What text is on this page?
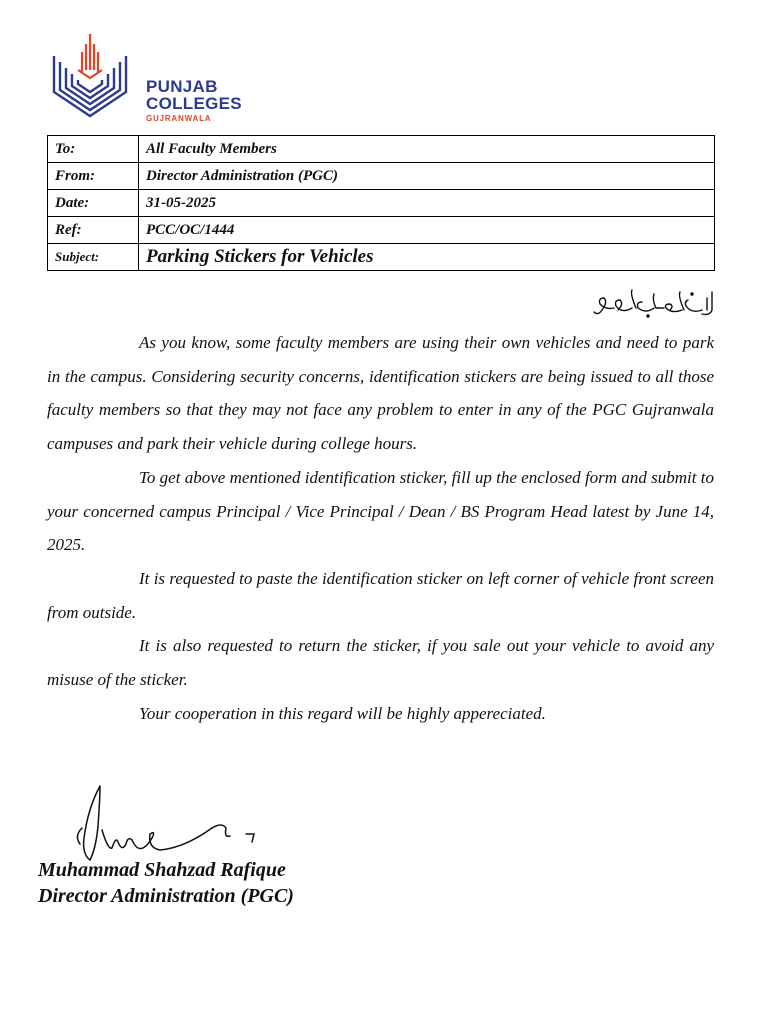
PUNJAB
COLLEGES
GUJRANWALA
To:	All Faculty Members
From:	Director Administration (PGC)
Date:	31-05-2025
Ref:	PCC/OC/1444
Subject:	Parking Stickers for Vehicles

As you know, some faculty members are using their own vehicles and need to park in the campus. Considering security concerns, identification stickers are being issued to all those faculty members so that they may not face any problem to enter in any of the PGC Gujranwala campuses and park their vehicle during college hours.

To get above mentioned identification sticker, fill up the enclosed form and submit to your concerned campus Principal / Vice Principal / Dean / BS Program Head latest by June 14, 2025.

It is requested to paste the identification sticker on left corner of vehicle front screen from outside.

It is also requested to return the sticker, if you sale out your vehicle to avoid any misuse of the sticker.

Your cooperation in this regard will be highly appereciated.

Muhammad Shahzad Rafique
Director Administration (PGC)
